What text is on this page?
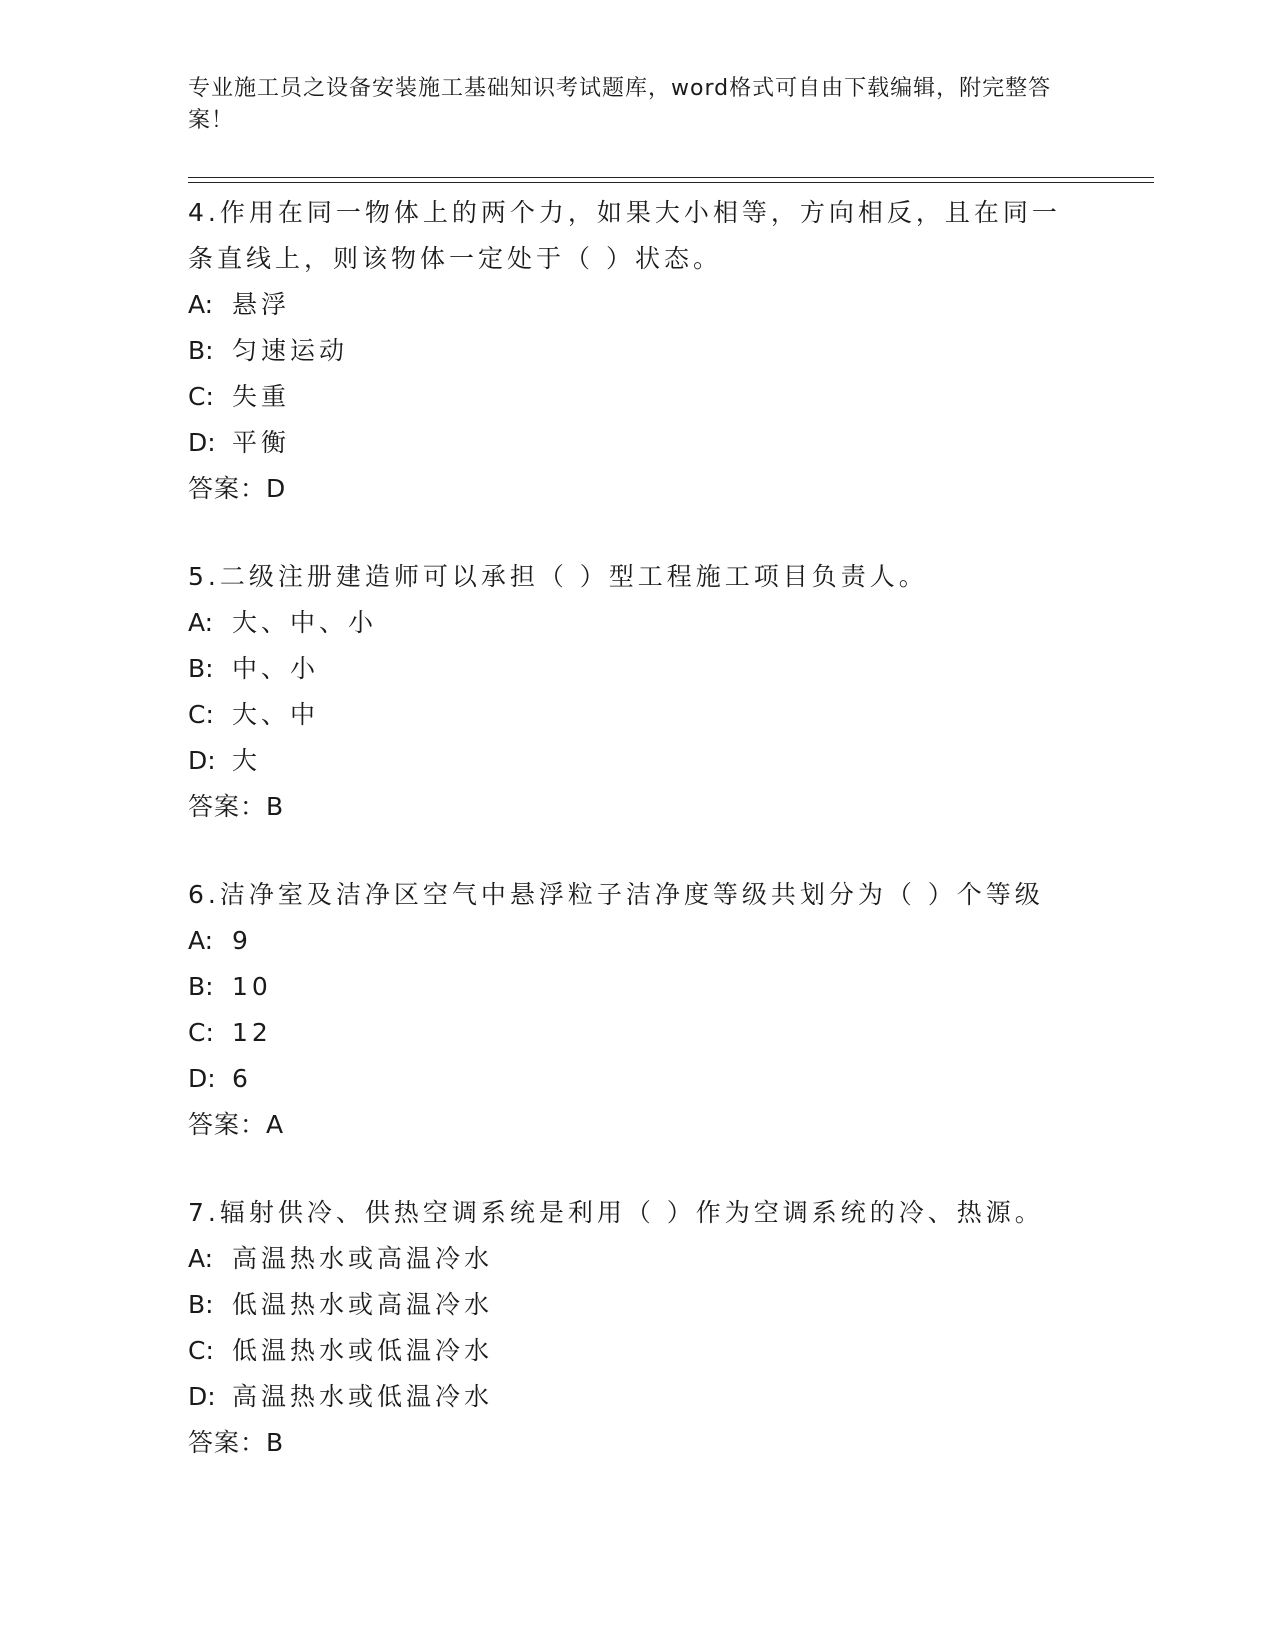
专业施工员之设备安装施工基础知识考试题库，word格式可自由下载编辑，附完整答案！

4.作用在同一物体上的两个力，如果大小相等，方向相反，且在同一条直线上，则该物体一定处于（ ）状态。

A: 悬浮

B: 匀速运动

C: 失重

D: 平衡

答案：D

5.二级注册建造师可以承担（ ）型工程施工项目负责人。

A: 大、中、小

B: 中、小

C: 大、中

D: 大

答案：B

6.洁净室及洁净区空气中悬浮粒子洁净度等级共划分为（ ）个等级

A: 9

B: 10

C: 12

D: 6

答案：A

7.辐射供冷、供热空调系统是利用（ ）作为空调系统的冷、热源。

A: 高温热水或高温冷水

B: 低温热水或高温冷水

C: 低温热水或低温冷水

D: 高温热水或低温冷水

答案：B
